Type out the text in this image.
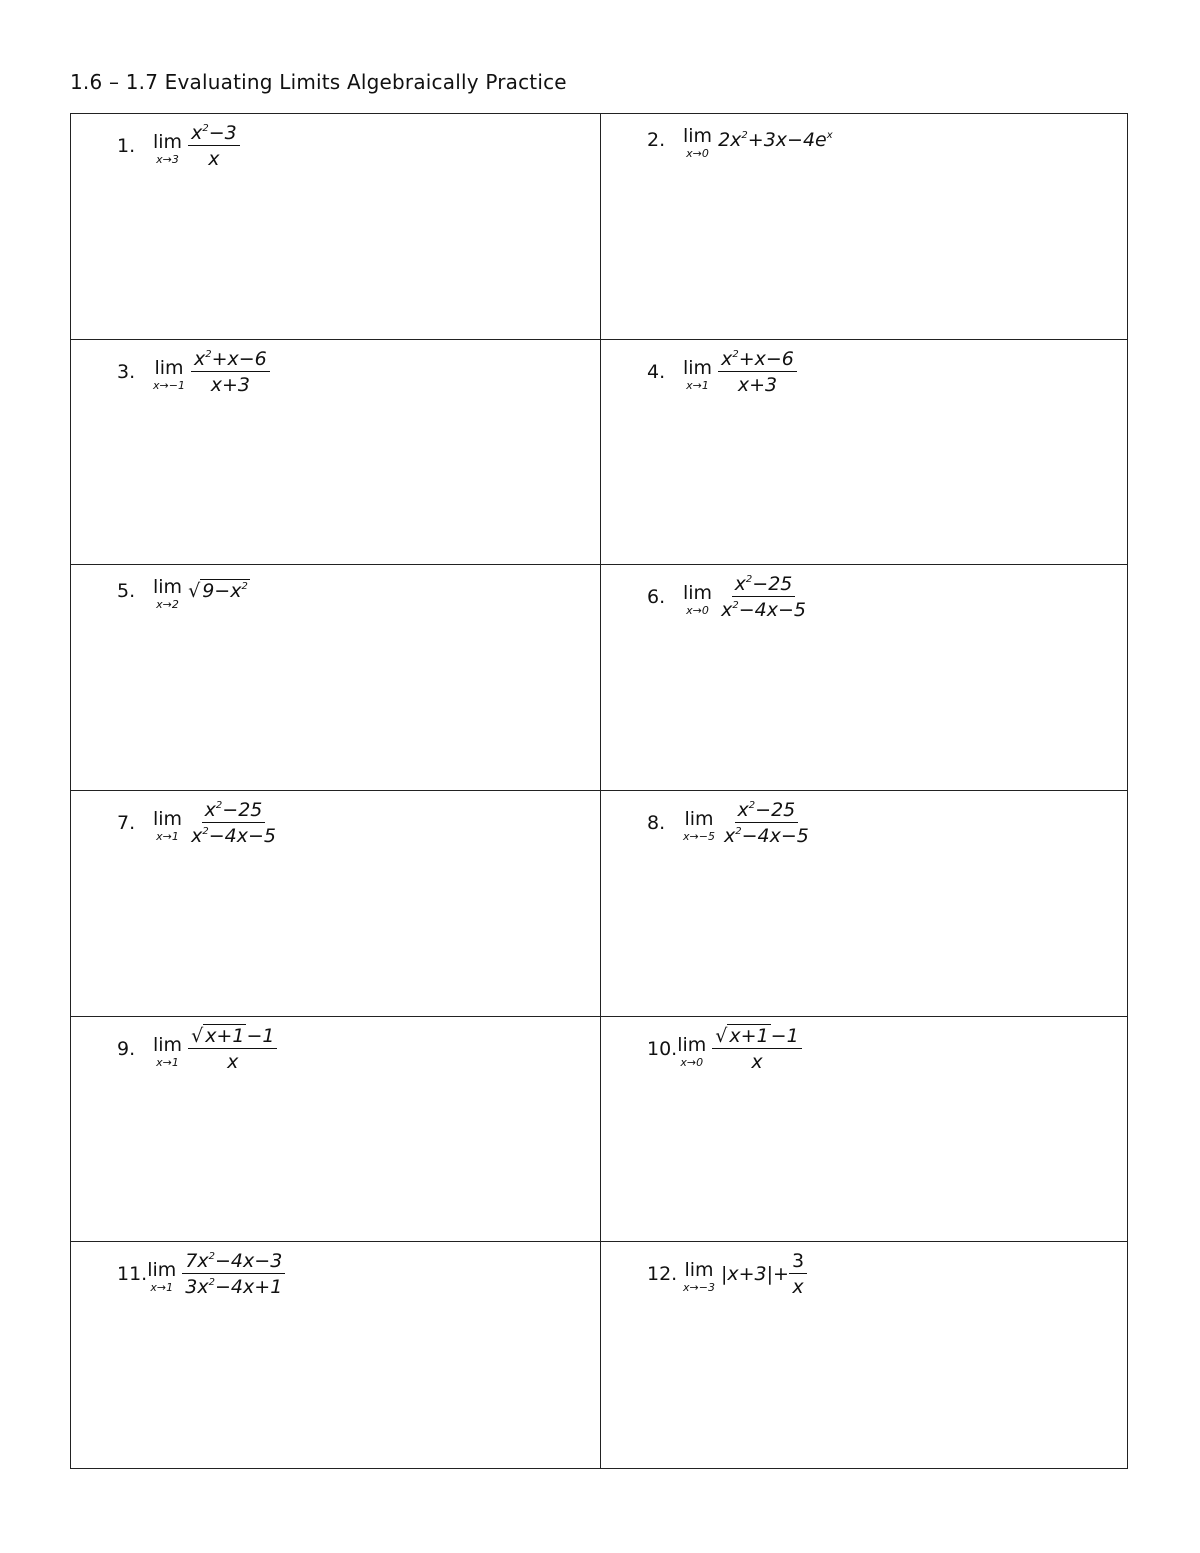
1.6 – 1.7 Evaluating Limits Algebraically Practice
1. lim
$x\to 3 \frac{x^2-3}{x}$	2. lim
x→0
$2x^2+3x-4e^x$
3.	lim
$x\to-1 \frac{x^2+x-6}{x+3}$	4. lim
$x\to 1 \frac{x^2+x-6}{x+3}$
5. lim
x→2
√ $9-x^2$	6. lim
$x\to 0 \frac{x^2-25}{x^2-4x-5}$
7. lim
$x\to 1 \frac{x^2-25}{x^2-4x-5}$	8.	lim
$x\to-5 \frac{x^2-25}{x^2-4x-5}$
9. lim
$x\to 1 \frac{√ x+1 -1}{x}$	10. lim
$x\to 0 \frac{√ x+1 -1}{x}$
11. lim
$x\to 1 \frac{7x^2-4x-3}{3x^2-4x+1}$	12. lim
x→−3
$|x+3|+ \frac{3}{x}$
